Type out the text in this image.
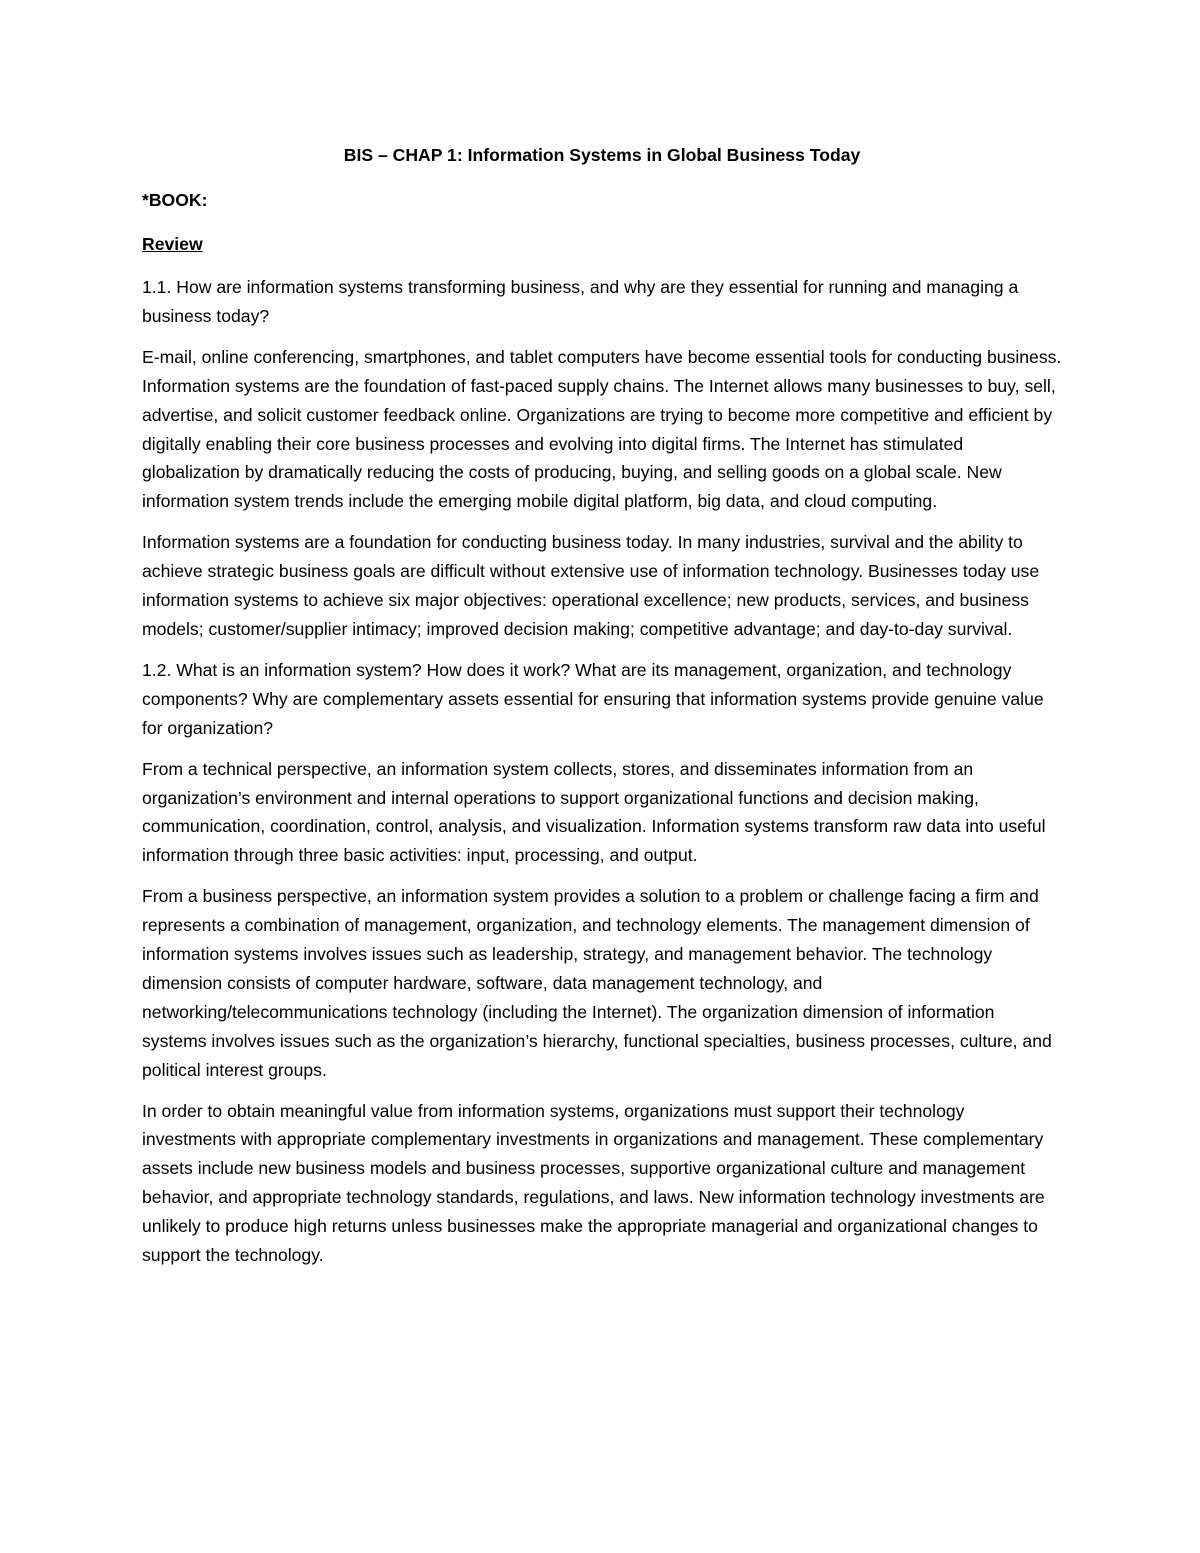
BIS – CHAP 1: Information Systems in Global Business Today

*BOOK:

Review

1.1. How are information systems transforming business, and why are they essential for running and managing a business today?

E-mail, online conferencing, smartphones, and tablet computers have become essential tools for conducting business. Information systems are the foundation of fast-paced supply chains. The Internet allows many businesses to buy, sell, advertise, and solicit customer feedback online. Organizations are trying to become more competitive and efficient by digitally enabling their core business processes and evolving into digital firms. The Internet has stimulated globalization by dramatically reducing the costs of producing, buying, and selling goods on a global scale. New information system trends include the emerging mobile digital platform, big data, and cloud computing.

Information systems are a foundation for conducting business today. In many industries, survival and the ability to achieve strategic business goals are difficult without extensive use of information technology. Businesses today use information systems to achieve six major objectives: operational excellence; new products, services, and business models; customer/supplier intimacy; improved decision making; competitive advantage; and day-to-day survival.

1.2. What is an information system? How does it work? What are its management, organization, and technology components? Why are complementary assets essential for ensuring that information systems provide genuine value for organization?

From a technical perspective, an information system collects, stores, and disseminates information from an organization’s environment and internal operations to support organizational functions and decision making, communication, coordination, control, analysis, and visualization. Information systems transform raw data into useful information through three basic activities: input, processing, and output.

From a business perspective, an information system provides a solution to a problem or challenge facing a firm and represents a combination of management, organization, and technology elements. The management dimension of information systems involves issues such as leadership, strategy, and management behavior. The technology dimension consists of computer hardware, software, data management technology, and networking/telecommunications technology (including the Internet). The organization dimension of information systems involves issues such as the organization’s hierarchy, functional specialties, business processes, culture, and political interest groups.

In order to obtain meaningful value from information systems, organizations must support their technology investments with appropriate complementary investments in organizations and management. These complementary assets include new business models and business processes, supportive organizational culture and management behavior, and appropriate technology standards, regulations, and laws. New information technology investments are unlikely to produce high returns unless businesses make the appropriate managerial and organizational changes to support the technology.
